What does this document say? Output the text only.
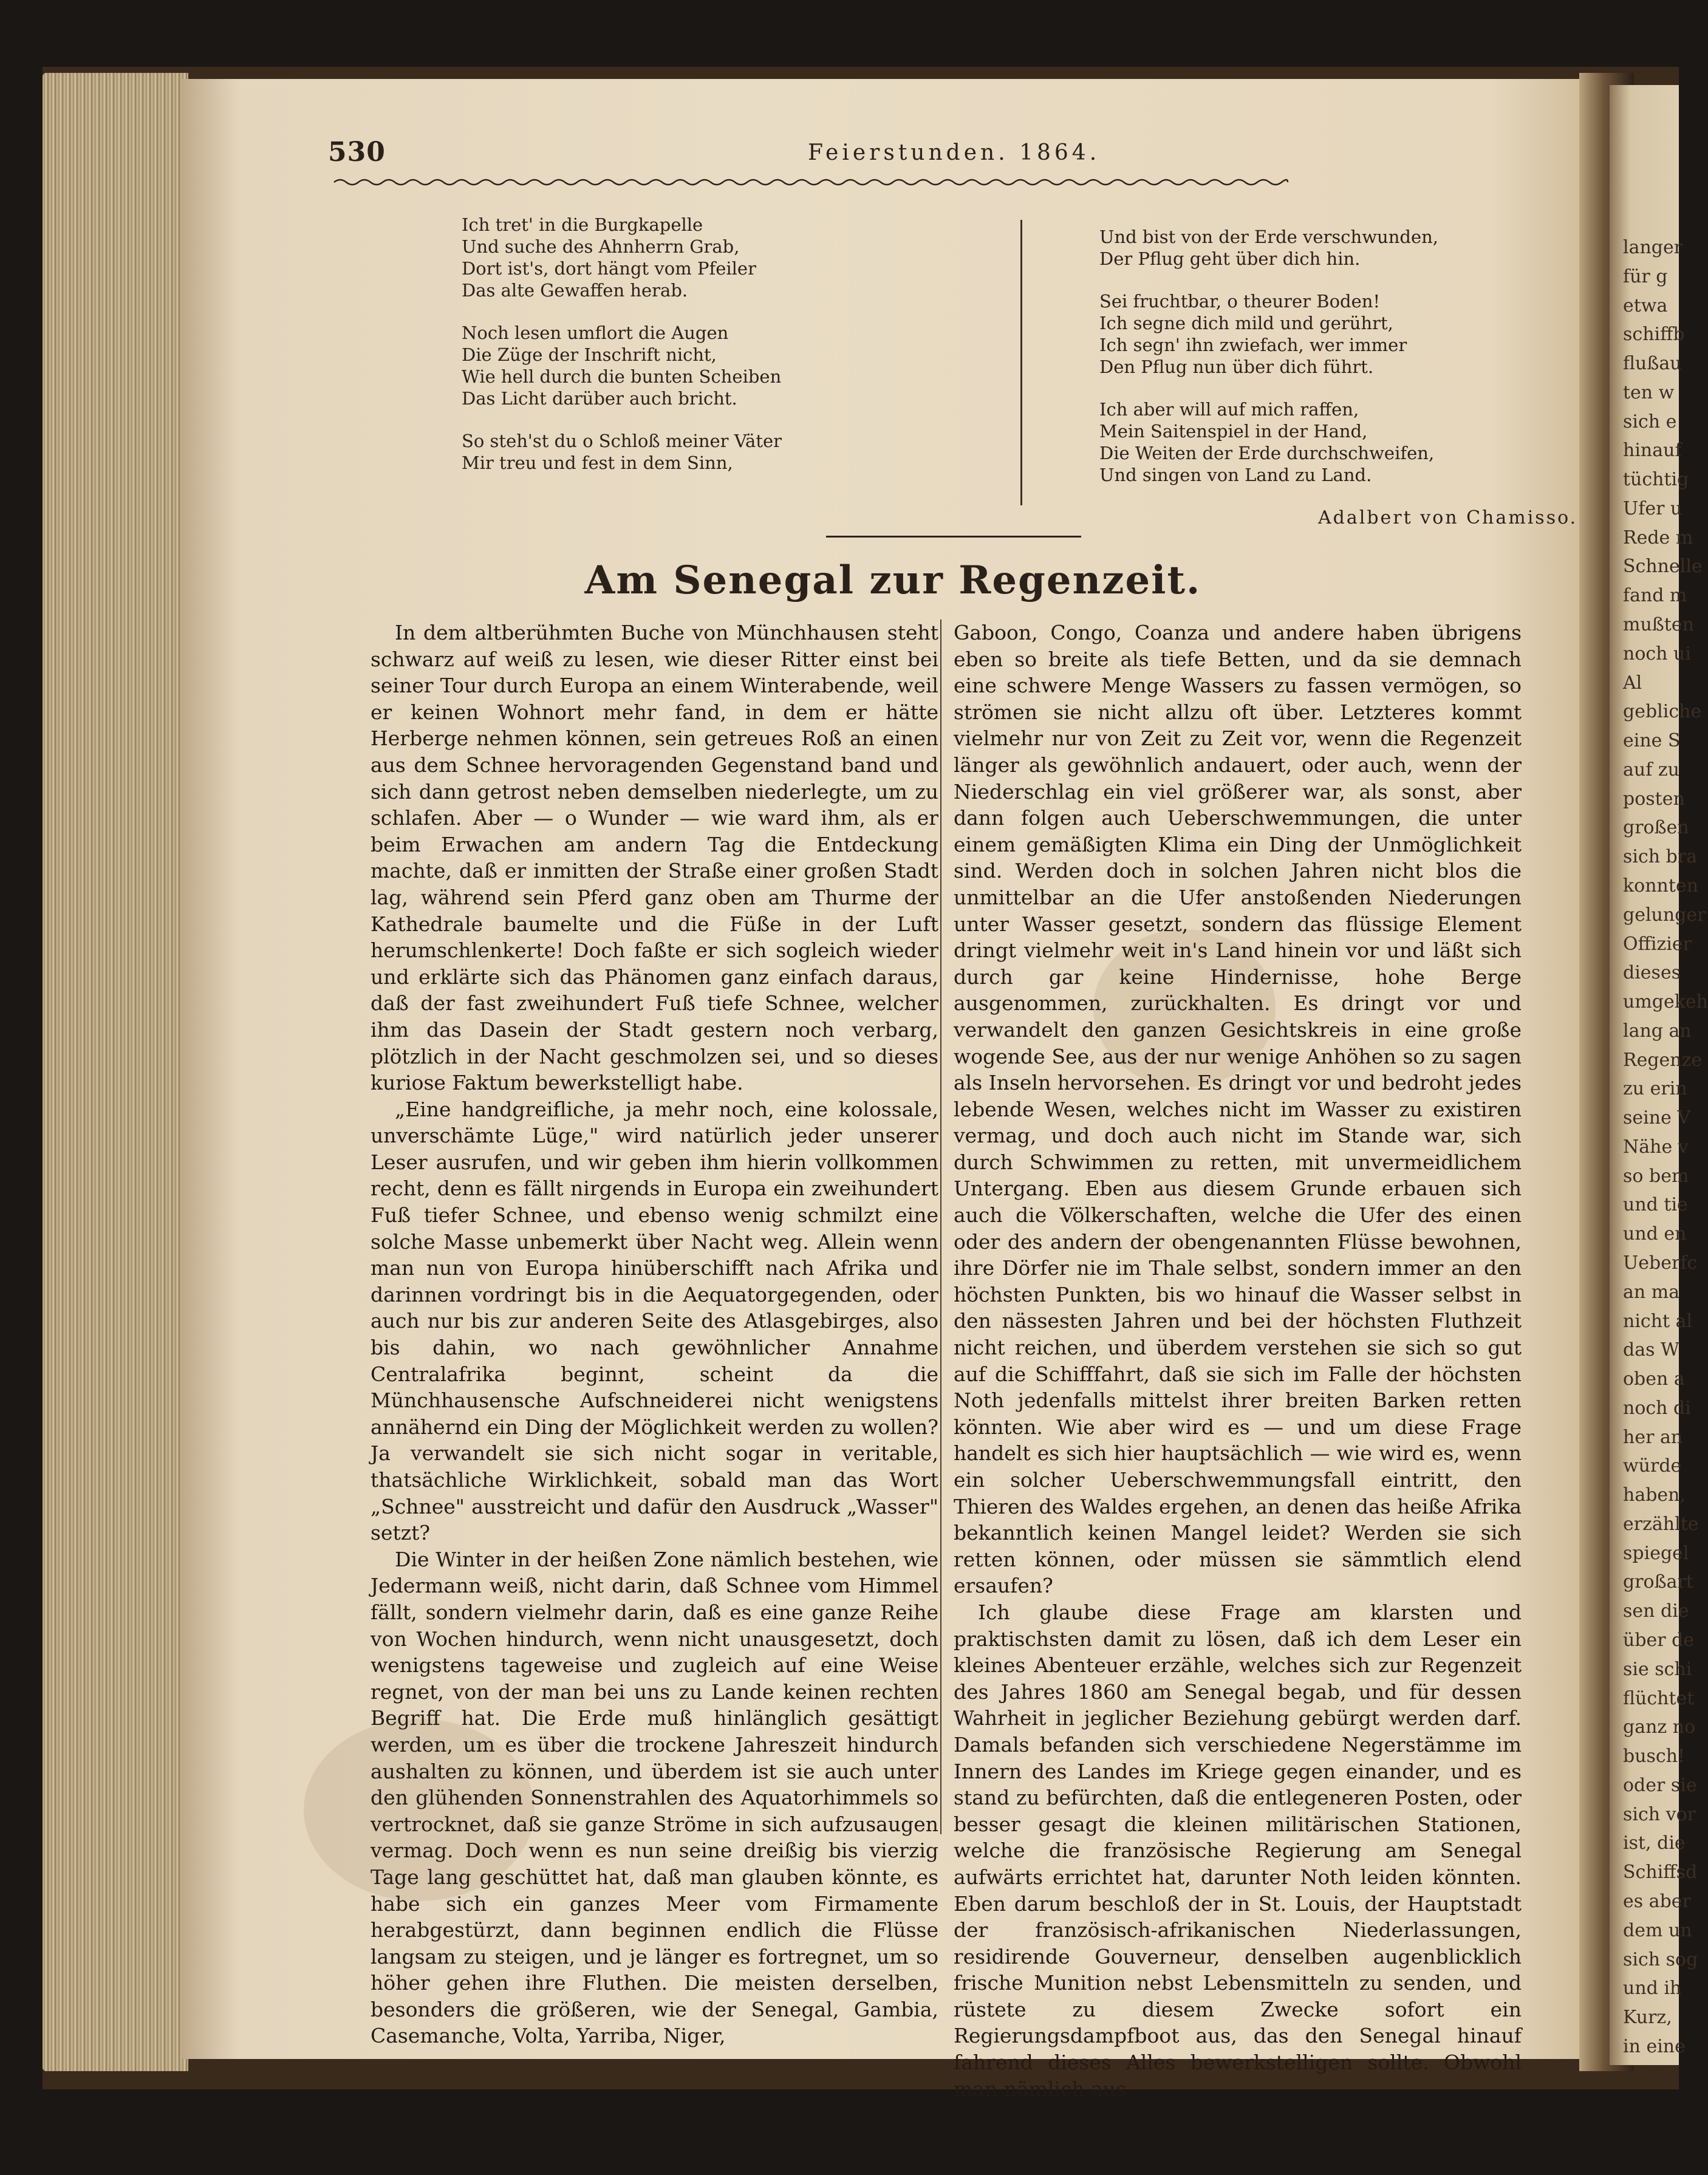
530	Feierstunden. 1864.
Ich tret' in die Burgkapelle
Und suche des Ahnherrn Grab,
Dort ist's, dort hängt vom Pfeiler
Das alte Gewaffen herab.
Noch lesen umflort die Augen
Die Züge der Inschrift nicht,
Wie hell durch die bunten Scheiben
Das Licht darüber auch bricht.
So steh'st du o Schloß meiner Väter
Mir treu und fest in dem Sinn,
Und bist von der Erde verschwunden,
Der Pflug geht über dich hin.
Sei fruchtbar, o theurer Boden!
Ich segne dich mild und gerührt,
Ich segn' ihn zwiefach, wer immer
Den Pflug nun über dich führt.
Ich aber will auf mich raffen,
Mein Saitenspiel in der Hand,
Die Weiten der Erde durchschweifen,
Und singen von Land zu Land.
Adalbert von Chamisso.
Am Senegal zur Regenzeit.

In dem altberühmten Buche von Münchhausen steht schwarz auf weiß zu lesen, wie dieser Ritter einst bei seiner Tour durch Europa an einem Winterabende, weil er keinen Wohnort mehr fand, in dem er hätte Herberge nehmen können, sein getreues Roß an einen aus dem Schnee hervoragenden Gegenstand band und sich dann getrost neben demselben niederlegte, um zu schlafen. Aber — o Wunder — wie ward ihm, als er beim Erwachen am andern Tag die Entdeckung machte, daß er inmitten der Straße einer großen Stadt lag, während sein Pferd ganz oben am Thurme der Kathedrale baumelte und die Füße in der Luft herumschlenkerte! Doch faßte er sich sogleich wieder und erklärte sich das Phänomen ganz einfach daraus, daß der fast zweihundert Fuß tiefe Schnee, welcher ihm das Dasein der Stadt gestern noch verbarg, plötzlich in der Nacht geschmolzen sei, und so dieses kuriose Faktum bewerkstelligt habe.

„Eine handgreifliche, ja mehr noch, eine kolossale, unverschämte Lüge," wird natürlich jeder unserer Leser ausrufen, und wir geben ihm hierin vollkommen recht, denn es fällt nirgends in Europa ein zweihundert Fuß tiefer Schnee, und ebenso wenig schmilzt eine solche Masse unbemerkt über Nacht weg. Allein wenn man nun von Europa hinüberschifft nach Afrika und darinnen vordringt bis in die Aequatorgegenden, oder auch nur bis zur anderen Seite des Atlasgebirges, also bis dahin, wo nach gewöhnlicher Annahme Centralafrika beginnt, scheint da die Münchhausensche Aufschneiderei nicht wenigstens annähernd ein Ding der Möglichkeit werden zu wollen? Ja verwandelt sie sich nicht sogar in veritable, thatsächliche Wirklichkeit, sobald man das Wort „Schnee" ausstreicht und dafür den Ausdruck „Wasser" setzt?

Die Winter in der heißen Zone nämlich bestehen, wie Jedermann weiß, nicht darin, daß Schnee vom Himmel fällt, sondern vielmehr darin, daß es eine ganze Reihe von Wochen hindurch, wenn nicht unausgesetzt, doch wenigstens tageweise und zugleich auf eine Weise regnet, von der man bei uns zu Lande keinen rechten Begriff hat. Die Erde muß hinlänglich gesättigt werden, um es über die trockene Jahreszeit hindurch aushalten zu können, und überdem ist sie auch unter den glühenden Sonnenstrahlen des Aquatorhimmels so vertrocknet, daß sie ganze Ströme in sich aufzusaugen vermag. Doch wenn es nun seine dreißig bis vierzig Tage lang geschüttet hat, daß man glauben könnte, es habe sich ein ganzes Meer vom Firmamente herabgestürzt, dann beginnen endlich die Flüsse langsam zu steigen, und je länger es fortregnet, um so höher gehen ihre Fluthen. Die meisten derselben, besonders die größeren, wie der Senegal, Gambia, Casemanche, Volta, Yarriba, Niger,

Gaboon, Congo, Coanza und andere haben übrigens eben so breite als tiefe Betten, und da sie demnach eine schwere Menge Wassers zu fassen vermögen, so strömen sie nicht allzu oft über. Letzteres kommt vielmehr nur von Zeit zu Zeit vor, wenn die Regenzeit länger als gewöhnlich andauert, oder auch, wenn der Niederschlag ein viel größerer war, als sonst, aber dann folgen auch Ueberschwemmungen, die unter einem gemäßigten Klima ein Ding der Unmöglichkeit sind. Werden doch in solchen Jahren nicht blos die unmittelbar an die Ufer anstoßenden Niederungen unter Wasser gesetzt, sondern das flüssige Element dringt vielmehr weit in's Land hinein vor und läßt sich durch gar keine Hindernisse, hohe Berge ausgenommen, zurückhalten. Es dringt vor und verwandelt den ganzen Gesichtskreis in eine große wogende See, aus der nur wenige Anhöhen so zu sagen als Inseln hervorsehen. Es dringt vor und bedroht jedes lebende Wesen, welches nicht im Wasser zu existiren vermag, und doch auch nicht im Stande war, sich durch Schwimmen zu retten, mit unvermeidlichem Untergang. Eben aus diesem Grunde erbauen sich auch die Völkerschaften, welche die Ufer des einen oder des andern der obengenannten Flüsse bewohnen, ihre Dörfer nie im Thale selbst, sondern immer an den höchsten Punkten, bis wo hinauf die Wasser selbst in den nässesten Jahren und bei der höchsten Fluthzeit nicht reichen, und überdem verstehen sie sich so gut auf die Schifffahrt, daß sie sich im Falle der höchsten Noth jedenfalls mittelst ihrer breiten Barken retten könnten. Wie aber wird es — und um diese Frage handelt es sich hier hauptsächlich — wie wird es, wenn ein solcher Ueberschwemmungsfall eintritt, den Thieren des Waldes ergehen, an denen das heiße Afrika bekanntlich keinen Mangel leidet? Werden sie sich retten können, oder müssen sie sämmtlich elend ersaufen?

Ich glaube diese Frage am klarsten und praktischsten damit zu lösen, daß ich dem Leser ein kleines Abenteuer erzähle, welches sich zur Regenzeit des Jahres 1860 am Senegal begab, und für dessen Wahrheit in jeglicher Beziehung gebürgt werden darf. Damals befanden sich verschiedene Negerstämme im Innern des Landes im Kriege gegen einander, und es stand zu befürchten, daß die entlegeneren Posten, oder besser gesagt die kleinen militärischen Stationen, welche die französische Regierung am Senegal aufwärts errichtet hat, darunter Noth leiden könnten. Eben darum beschloß der in St. Louis, der Hauptstadt der französisch-afrikanischen Niederlassungen, residirende Gouverneur, denselben augenblicklich frische Munition nebst Lebensmitteln zu senden, und rüstete zu diesem Zwecke sofort ein Regierungsdampfboot aus, das den Senegal hinauf fahrend dieses Alles bewerkstelligen sollte. Obwohl man nämlich aus

langer
für g
etwa
schiffb
flußau
ten w
sich e
hinauf
tüchtig
Ufer u
Rede m
Schnelle
fand m
mußten
noch ui
Al
gebliche
eine S
auf zu
posten
großen
sich bra
konnten
gelunger
Offizier
dieses
umgekeh
lang an
Regenze
zu erin
seine V
Nähe v
so bem
und tie
und en
Ueberfc
an ma
nicht al
das W
oben a
noch di
her an
würde
haben,
erzählte
spiegel
großart
sen die
über de
sie schi
flüchtet
ganz no
busch!
oder sie
sich vor
ist, die
Schiffsd
es aber
dem un
sich sog
und ih
Kurz,
in eine
